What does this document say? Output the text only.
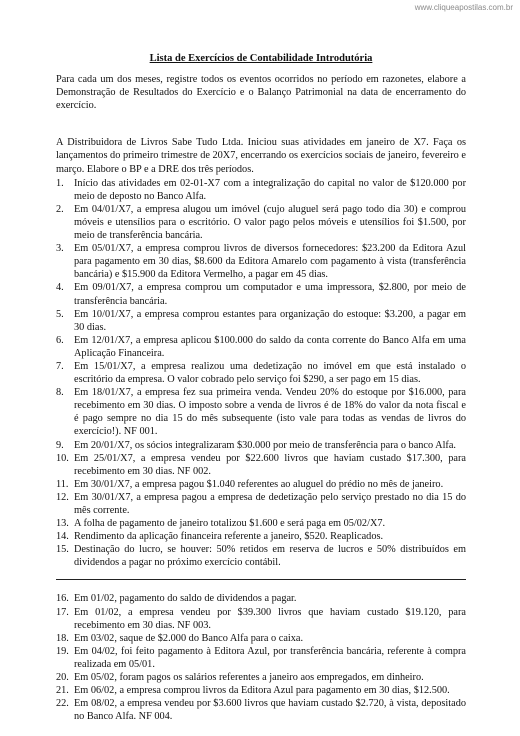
www.cliqueapostilas.com.br
Lista de Exercícios de Contabilidade Introdutória

Para cada um dos meses, registre todos os eventos ocorridos no período em razonetes, elabore a Demonstração de Resultados do Exercício e o Balanço Patrimonial na data de encerramento do exercício.

A Distribuidora de Livros Sabe Tudo Ltda. Iniciou suas atividades em janeiro de X7. Faça os lançamentos do primeiro trimestre de 20X7, encerrando os exercícios sociais de janeiro, fevereiro e março. Elabore o BP e a DRE dos três períodos.

1. Início das atividades em 02-01-X7 com a integralização do capital no valor de $120.000 por meio de deposto no Banco Alfa.
2. Em 04/01/X7, a empresa alugou um imóvel (cujo aluguel será pago todo dia 30) e comprou móveis e utensílios para o escritório. O valor pago pelos móveis e utensílios foi $1.500, por meio de transferência bancária.
3. Em 05/01/X7, a empresa comprou livros de diversos fornecedores: $23.200 da Editora Azul para pagamento em 30 dias, $8.600 da Editora Amarelo com pagamento à vista (transferência bancária) e $15.900 da Editora Vermelho, a pagar em 45 dias.
4. Em 09/01/X7, a empresa comprou um computador e uma impressora, $2.800, por meio de transferência bancária.
5. Em 10/01/X7, a empresa comprou estantes para organização do estoque: $3.200, a pagar em 30 dias.
6. Em 12/01/X7, a empresa aplicou $100.000 do saldo da conta corrente do Banco Alfa em uma Aplicação Financeira.
7. Em 15/01/X7, a empresa realizou uma dedetização no imóvel em que está instalado o escritório da empresa. O valor cobrado pelo serviço foi $290, a ser pago em 15 dias.
8. Em 18/01/X7, a empresa fez sua primeira venda. Vendeu 20% do estoque por $16.000, para recebimento em 30 dias. O imposto sobre a venda de livros é de 18% do valor da nota fiscal e é pago sempre no dia 15 do mês subsequente (isto vale para todas as vendas de livros do exercício!). NF 001.
9. Em 20/01/X7, os sócios integralizaram $30.000 por meio de transferência para o banco Alfa.
10. Em 25/01/X7, a empresa vendeu por $22.600 livros que haviam custado $17.300, para recebimento em 30 dias. NF 002.
11. Em 30/01/X7, a empresa pagou $1.040 referentes ao aluguel do prédio no mês de janeiro.
12. Em 30/01/X7, a empresa pagou a empresa de dedetização pelo serviço prestado no dia 15 do mês corrente.
13. A folha de pagamento de janeiro totalizou $1.600 e será paga em 05/02/X7.
14. Rendimento da aplicação financeira referente a janeiro, $520. Reaplicados.
15. Destinação do lucro, se houver: 50% retidos em reserva de lucros e 50% distribuídos em dividendos a pagar no próximo exercício contábil.
16. Em 01/02, pagamento do saldo de dividendos a pagar.
17. Em 01/02, a empresa vendeu por $39.300 livros que haviam custado $19.120, para recebimento em 30 dias. NF 003.
18. Em 03/02, saque de $2.000 do Banco Alfa para o caixa.
19. Em 04/02, foi feito pagamento à Editora Azul, por transferência bancária, referente à compra realizada em 05/01.
20. Em 05/02, foram pagos os salários referentes a janeiro aos empregados, em dinheiro.
21. Em 06/02, a empresa comprou livros da Editora Azul para pagamento em 30 dias, $12.500.
22. Em 08/02, a empresa vendeu por $3.600 livros que haviam custado $2.720, à vista, depositado no Banco Alfa. NF 004.
